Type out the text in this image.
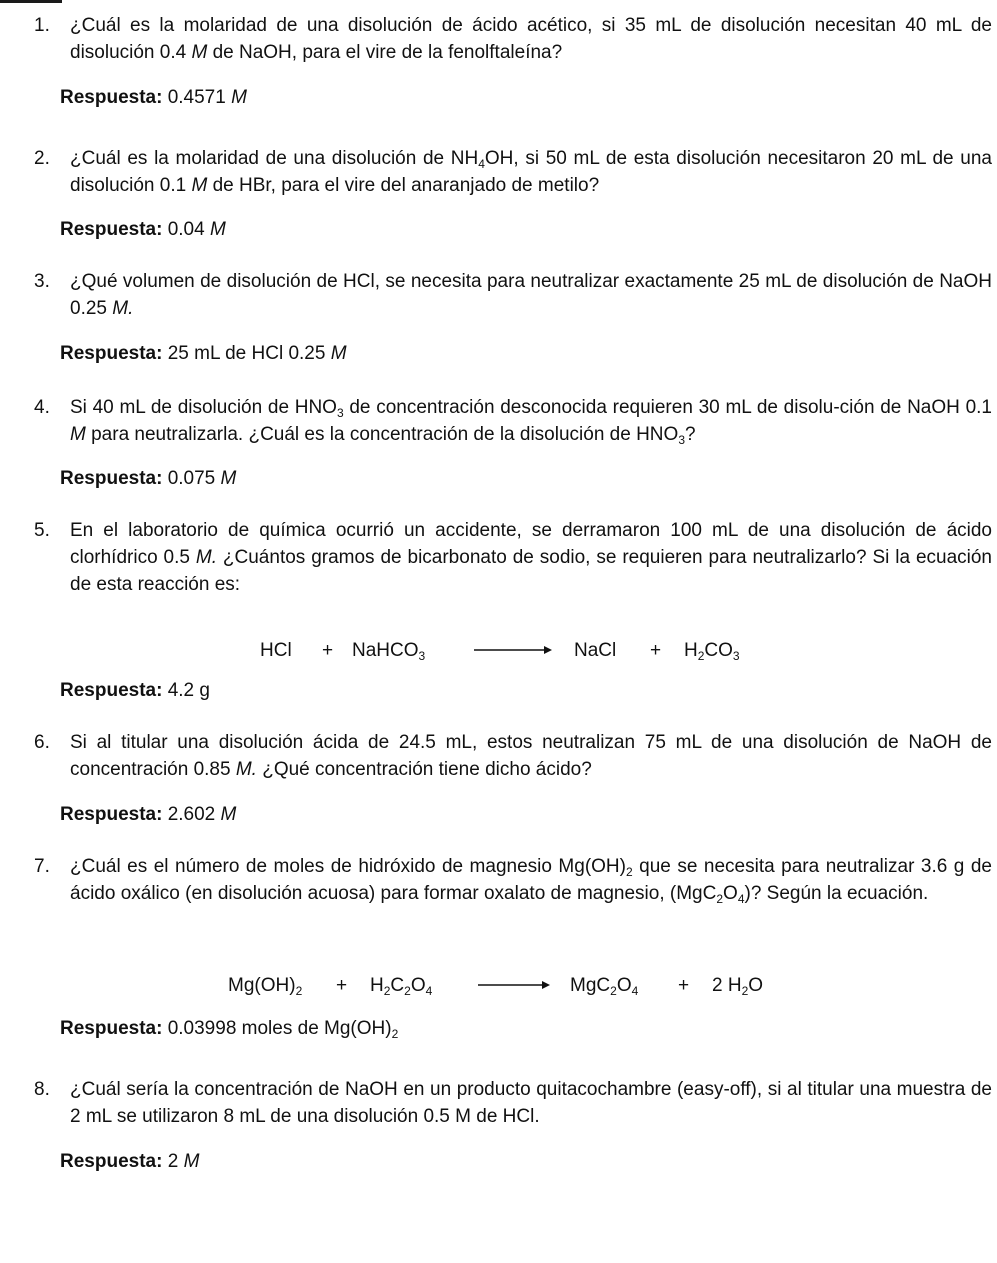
1. ¿Cuál es la molaridad de una disolución de ácido acético, si 35 mL de disolución necesitan 40 mL de disolución 0.4 M de NaOH, para el vire de la fenolftaleína?
Respuesta: 0.4571 M
2. ¿Cuál es la molaridad de una disolución de $NH_4OH$, si 50 mL de esta disolución necesitaron 20 mL de una disolución 0.1 M de HBr, para el vire del anaranjado de metilo?
Respuesta: 0.04 M
3. ¿Qué volumen de disolución de HCl, se necesita para neutralizar exactamente 25 mL de disolución de NaOH 0.25 M.
Respuesta: 25 mL de HCl 0.25 M
4. Si 40 mL de disolución de $HNO_3$ de concentración desconocida requieren 30 mL de disolu-ción de NaOH 0.1 M para neutralizarla. ¿Cuál es la concentración de la disolución de $HNO_3$?
Respuesta: 0.075 M
5. En el laboratorio de química ocurrió un accidente, se derramaron 100 mL de una disolución de ácido clorhídrico 0.5 M. ¿Cuántos gramos de bicarbonato de sodio, se requieren para neutralizarlo? Si la ecuación de esta reacción es:
HCl + NaHCO$_3$	NaCl + $H_2CO_3$
Respuesta: 4.2 g
6. Si al titular una disolución ácida de 24.5 mL, estos neutralizan 75 mL de una disolución de NaOH de concentración 0.85 M. ¿Qué concentración tiene dicho ácido?
Respuesta: 2.602 M
7. ¿Cuál es el número de moles de hidróxido de magnesio $Mg(OH)_2$ que se necesita para neutralizar 3.6 g de ácido oxálico (en disolución acuosa) para formar oxalato de magnesio, $(MgC_2O_4)$? Según la ecuación.
$Mg(OH)_2 + H_2C_2O_4$	$MgC_2O_4 + 2$ $H_2O$
Respuesta: 0.03998 moles de $Mg(OH)_2$
8. ¿Cuál sería la concentración de NaOH en un producto quitacochambre (easy-off), si al titular una muestra de 2 mL se utilizaron 8 mL de una disolución 0.5 M de HCl.
Respuesta: 2 M
